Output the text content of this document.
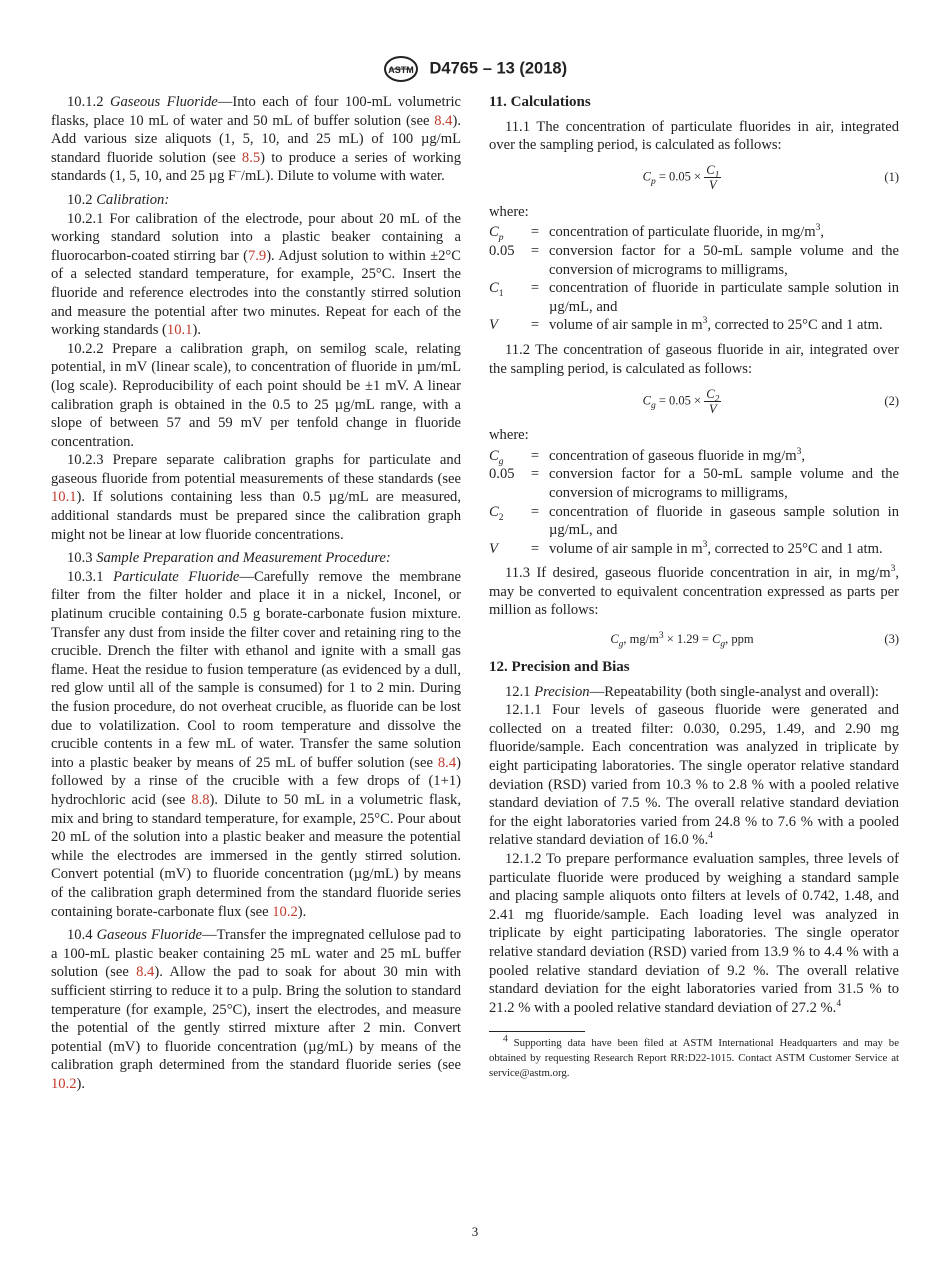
ASTM D4765 – 13 (2018)

10.1.2 Gaseous Fluoride—Into each of four 100-mL volumetric flasks, place 10 mL of water and 50 mL of buffer solution (see 8.4). Add various size aliquots (1, 5, 10, and 25 mL) of 100 µg/mL standard fluoride solution (see 8.5) to produce a series of working standards (1, 5, 10, and 25 µg F–/mL). Dilute to volume with water.

10.2 Calibration:

10.2.1 For calibration of the electrode, pour about 20 mL of the working standard solution into a plastic beaker containing a fluorocarbon-coated stirring bar (7.9). Adjust solution to within ±2°C of a selected standard temperature, for example, 25°C. Insert the fluoride and reference electrodes into the constantly stirred solution and measure the potential after two minutes. Repeat for each of the working standards (10.1).

10.2.2 Prepare a calibration graph, on semilog scale, relating potential, in mV (linear scale), to concentration of fluoride in µm/mL (log scale). Reproducibility of each point should be ±1 mV. A linear calibration graph is obtained in the 0.5 to 25 µg/mL range, with a slope of between 57 and 59 mV per tenfold change in fluoride concentration.

10.2.3 Prepare separate calibration graphs for particulate and gaseous fluoride from potential measurements of these standards (see 10.1). If solutions containing less than 0.5 µg/mL are measured, additional standards must be prepared since the calibration graph might not be linear at low fluoride concentrations.

10.3 Sample Preparation and Measurement Procedure:

10.3.1 Particulate Fluoride—Carefully remove the membrane filter from the filter holder and place it in a nickel, Inconel, or platinum crucible containing 0.5 g borate-carbonate fusion mixture. Transfer any dust from inside the filter cover and retaining ring to the crucible. Drench the filter with ethanol and ignite with a small gas flame. Heat the residue to fusion temperature (as evidenced by a dull, red glow until all of the sample is consumed) for 1 to 2 min. During the fusion procedure, do not overheat crucible, as fluoride can be lost due to volatilization. Cool to room temperature and dissolve the crucible contents in a few mL of water. Transfer the same solution into a plastic beaker by means of 25 mL of buffer solution (see 8.4) followed by a rinse of the crucible with a few drops of (1+1) hydrochloric acid (see 8.8). Dilute to 50 mL in a volumetric flask, mix and bring to standard temperature, for example, 25°C. Pour about 20 mL of the solution into a plastic beaker and measure the potential while the electrodes are immersed in the gently stirred solution. Convert potential (mV) to fluoride concentration (µg/mL) by means of the calibration graph determined from the standard fluoride series containing borate-carbonate flux (see 10.2).

10.4 Gaseous Fluoride—Transfer the impregnated cellulose pad to a 100-mL plastic beaker containing 25 mL water and 25 mL buffer solution (see 8.4). Allow the pad to soak for about 30 min with sufficient stirring to reduce it to a pulp. Bring the solution to standard temperature (for example, 25°C), insert the electrodes, and measure the potential of the gently stirred mixture after 2 min. Convert potential (mV) to fluoride concentration (µg/mL) by means of the calibration graph determined from the standard fluoride series (see 10.2).

11. Calculations

11.1 The concentration of particulate fluorides in air, integrated over the sampling period, is calculated as follows:

$C_p = 0.05 \times \frac{C_1}{V}$	(1)
where:
$C_p$	=	concentration of particulate fluoride, in $mg/m^3$,
0.05	=	conversion factor for a 50-mL sample volume and the conversion of micrograms to milligrams,
$C_1$	=	concentration of fluoride in particulate sample solution in µg/mL, and
V	=	volume of air sample in $m^3$, corrected to 25°C and 1 atm.

11.2 The concentration of gaseous fluoride in air, integrated over the sampling period, is calculated as follows:

$C_g = 0.05 \times \frac{C_2}{V}$	(2)
where:
$C_g$	=	concentration of gaseous fluoride in $mg/m^3$,
0.05	=	conversion factor for a 50-mL sample volume and the conversion of micrograms to milligrams,
$C_2$	=	concentration of fluoride in gaseous sample solution in µg/mL, and
V	=	volume of air sample in $m^3$, corrected to 25°C and 1 atm.

11.3 If desired, gaseous fluoride concentration in air, in $mg/m^3$, may be converted to equivalent concentration expressed as parts per million as follows:

$C_g$, $mg/m^3 \times 1.29 = C_g$, ppm	(3)
12. Precision and Bias

12.1 Precision—Repeatability (both single-analyst and overall):

12.1.1 Four levels of gaseous fluoride were generated and collected on a treated filter: 0.030, 0.295, 1.49, and 2.90 mg fluoride/sample. Each concentration was analyzed in triplicate by eight participating laboratories. The single operator relative standard deviation (RSD) varied from 10.3 % to 2.8 % with a pooled relative standard deviation of 7.5 %. The overall relative standard deviation for the eight laboratories varied from 24.8 % to 7.6 % with a pooled relative standard deviation of 16.0 %.$^4$

12.1.2 To prepare performance evaluation samples, three levels of particulate fluoride were produced by weighing a standard sample and placing sample aliquots onto filters at levels of 0.742, 1.48, and 2.41 mg fluoride/sample. Each loading level was analyzed in triplicate by eight participating laboratories. The single operator relative standard deviation (RSD) varied from 13.9 % to 4.4 % with a pooled relative standard deviation of 9.2 %. The overall relative standard deviation for the eight laboratories varied from 31.5 % to 21.2 % with a pooled relative standard deviation of 27.2 %.$^4$

$^4$ Supporting data have been filed at ASTM International Headquarters and may be obtained by requesting Research Report RR:D22-1015. Contact ASTM Customer Service at service@astm.org.

3
